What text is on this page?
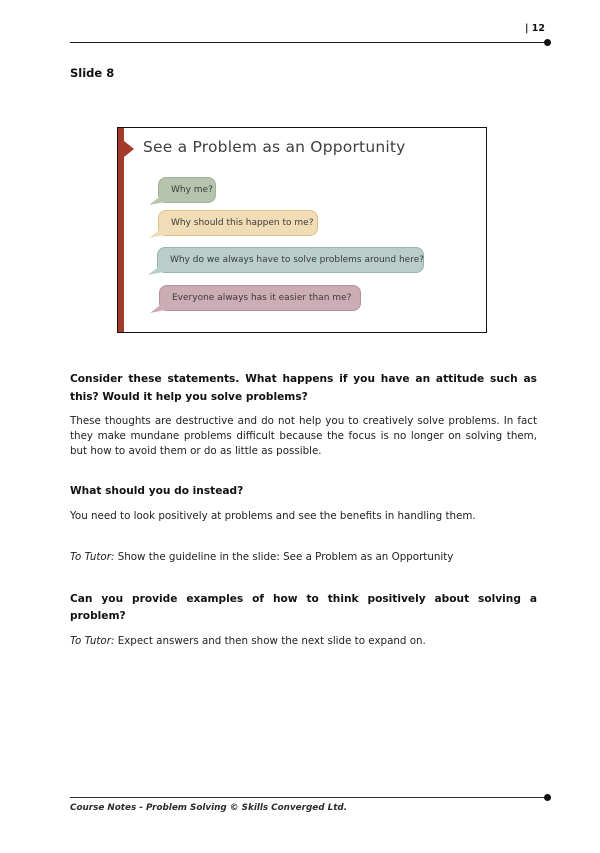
| 12
Slide 8
See a Problem as an Opportunity
Why me?
Why should this happen to me?
Why do we always have to solve problems around here?
Everyone always has it easier than me?

Consider these statements. What happens if you have an attitude such as this? Would it help you solve problems?

These thoughts are destructive and do not help you to creatively solve problems. In fact they make mundane problems difficult because the focus is no longer on solving them, but how to avoid them or do as little as possible.

What should you do instead?

You need to look positively at problems and see the benefits in handling them.

To Tutor: Show the guideline in the slide: See a Problem as an Opportunity

Can you provide examples of how to think positively about solving a problem?

To Tutor: Expect answers and then show the next slide to expand on.

Course Notes - Problem Solving © Skills Converged Ltd.
